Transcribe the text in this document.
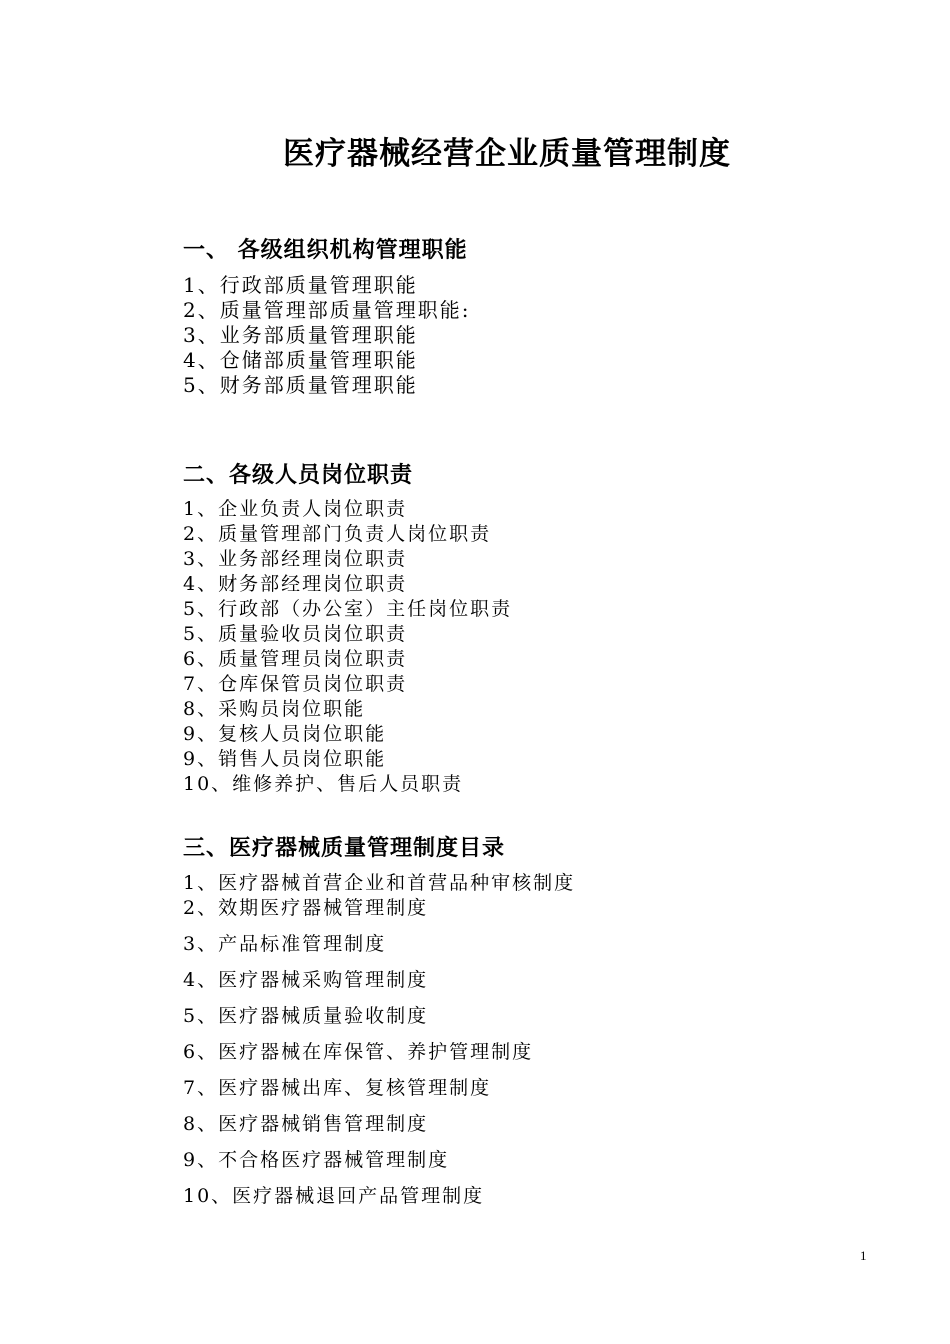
医疗器械经营企业质量管理制度
一、 各级组织机构管理职能
1、行政部质量管理职能
2、质量管理部质量管理职能:
3、业务部质量管理职能
4、仓储部质量管理职能
5、财务部质量管理职能
二、各级人员岗位职责
1、企业负责人岗位职责
2、质量管理部门负责人岗位职责
3、业务部经理岗位职责
4、财务部经理岗位职责
5、行政部（办公室）主任岗位职责
5、质量验收员岗位职责
6、质量管理员岗位职责
7、仓库保管员岗位职责
8、采购员岗位职能
9、复核人员岗位职能
9、销售人员岗位职能
10、维修养护、售后人员职责
三、医疗器械质量管理制度目录
1、医疗器械首营企业和首营品种审核制度
2、效期医疗器械管理制度
3、产品标准管理制度
4、医疗器械采购管理制度
5、医疗器械质量验收制度
6、医疗器械在库保管、养护管理制度
7、医疗器械出库、复核管理制度
8、医疗器械销售管理制度
9、不合格医疗器械管理制度
10、医疗器械退回产品管理制度
1
